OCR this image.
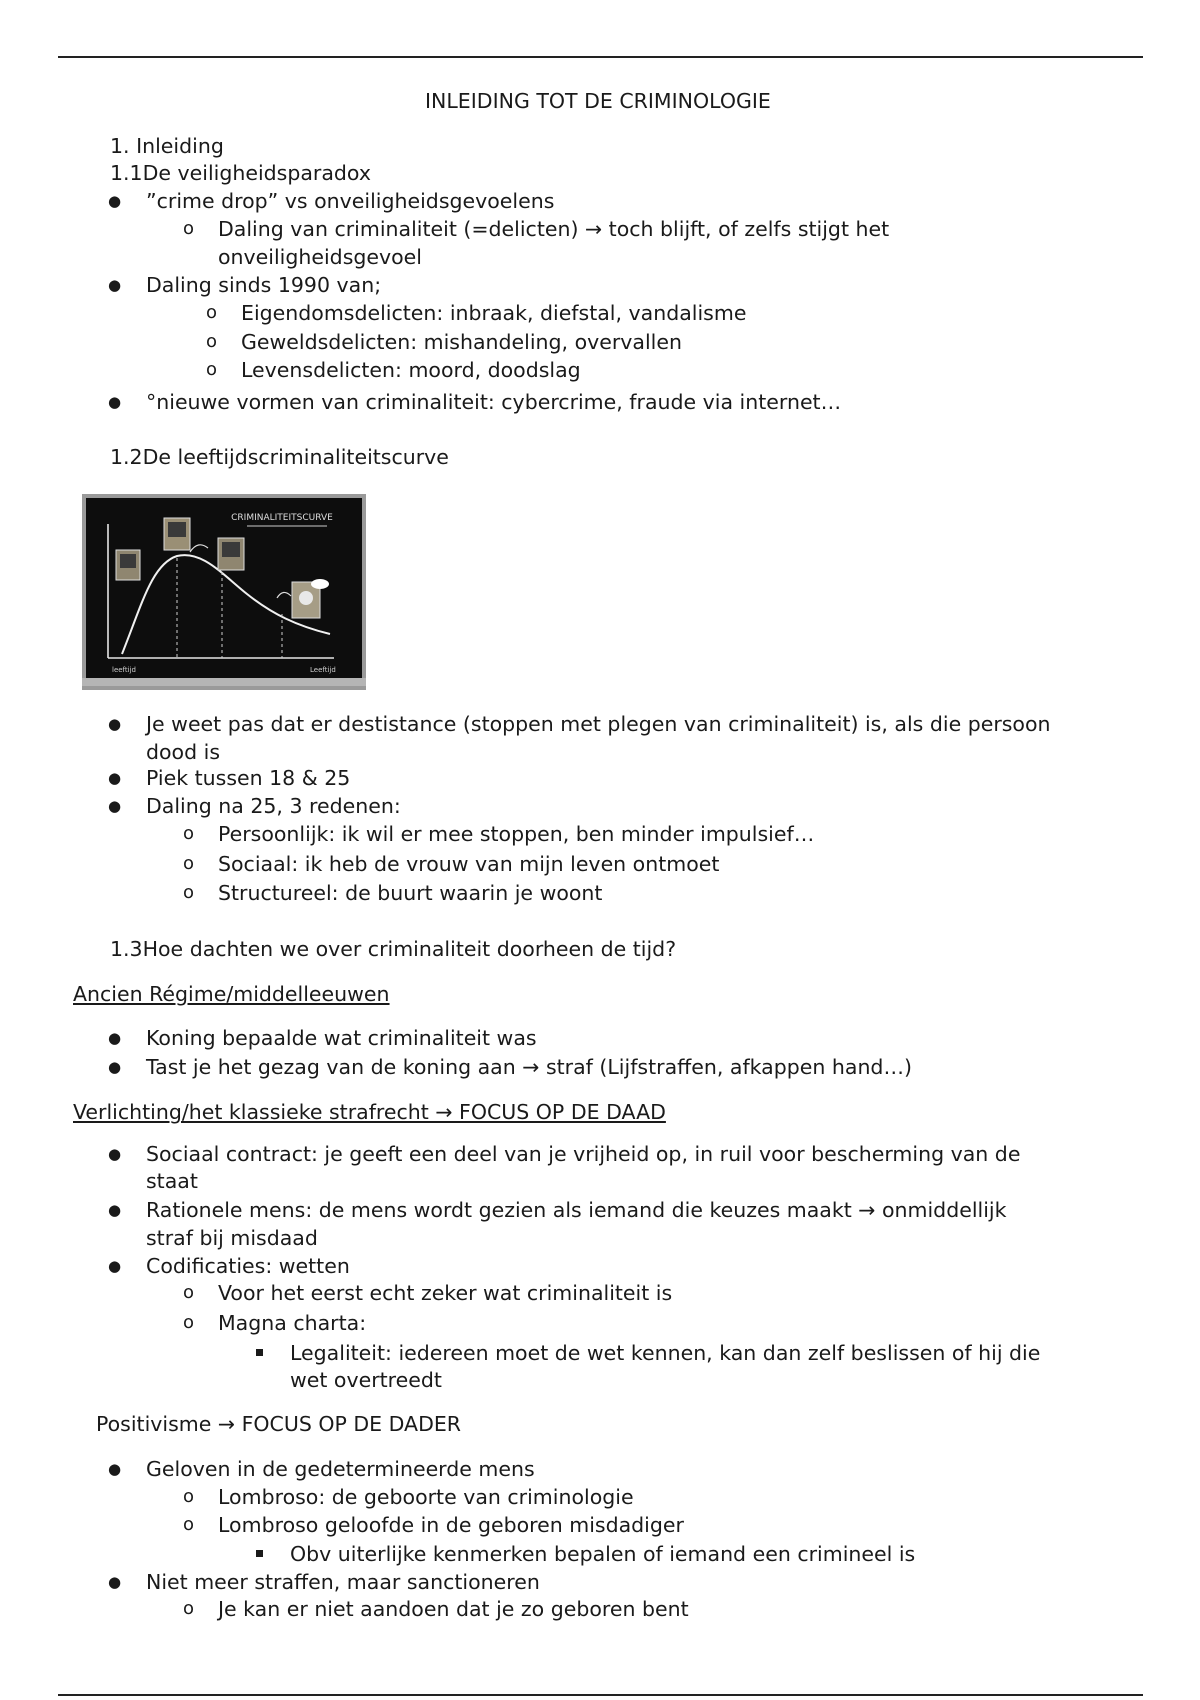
INLEIDING TOT DE CRIMINOLOGIE
1. Inleiding
1.1De veiligheidsparadox
● ”crime drop” vs onveiligheidsgevoelens
o Daling van criminaliteit (=delicten) → toch blijft, of zelfs stijgt het
onveiligheidsgevoel
● Daling sinds 1990 van;
o Eigendomsdelicten: inbraak, diefstal, vandalisme
o Geweldsdelicten: mishandeling, overvallen
o Levensdelicten: moord, doodslag
● °nieuwe vormen van criminaliteit: cybercrime, fraude via internet…
1.2De leeftijdscriminaliteitscurve
CRIMINALITEITSCURVE
leeftijd	Leeftijd
● Je weet pas dat er destistance (stoppen met plegen van criminaliteit) is, als die persoon
dood is
● Piek tussen 18 & 25
● Daling na 25, 3 redenen:
o Persoonlijk: ik wil er mee stoppen, ben minder impulsief…
o Sociaal: ik heb de vrouw van mijn leven ontmoet
o Structureel: de buurt waarin je woont
1.3Hoe dachten we over criminaliteit doorheen de tijd?
Ancien Régime/middelleeuwen
● Koning bepaalde wat criminaliteit was
● Tast je het gezag van de koning aan → straf (Lijfstraffen, afkappen hand…)
Verlichting/het klassieke strafrecht → FOCUS OP DE DAAD
● Sociaal contract: je geeft een deel van je vrijheid op, in ruil voor bescherming van de
staat
● Rationele mens: de mens wordt gezien als iemand die keuzes maakt → onmiddellijk
straf bij misdaad
● Codificaties: wetten
o Voor het eerst echt zeker wat criminaliteit is
o Magna charta:
Legaliteit: iedereen moet de wet kennen, kan dan zelf beslissen of hij die
wet overtreedt
Positivisme → FOCUS OP DE DADER
● Geloven in de gedetermineerde mens
o Lombroso: de geboorte van criminologie
o Lombroso geloofde in de geboren misdadiger
Obv uiterlijke kenmerken bepalen of iemand een crimineel is
● Niet meer straffen, maar sanctioneren
o Je kan er niet aandoen dat je zo geboren bent
